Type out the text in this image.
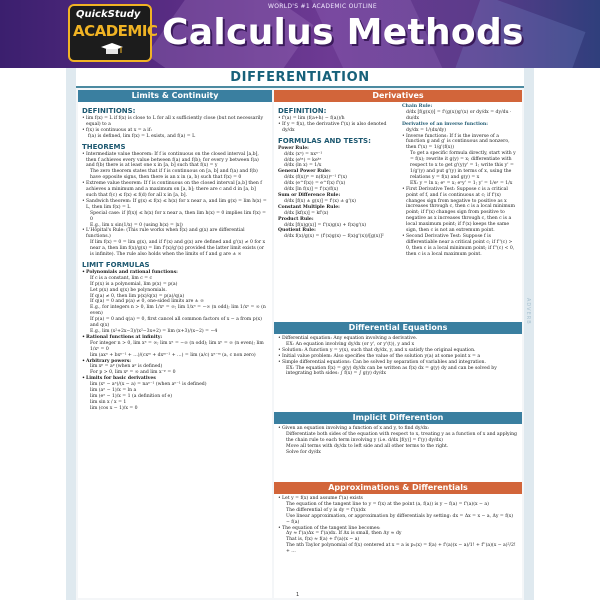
WORLD'S #1 ACADEMIC OUTLINE
QuickStudy
ACADEMIC Calculus Methods
ADVERB
DIFFERENTIATION
Limits & Continuity
DEFINITIONS:
• lim f(x) = L if f(x) is close to L for all x sufficiently close (but not necessarily equal) to a
• f(x) is continuous at x = a if:
f(a) is defined, lim f(x) = L exists, and f(a) = L
THEOREMS
• Intermediate value theorem: If f is continuous on the closed interval [a,b], then f achieves every value between f(a) and f(b); for every y between f(a) and f(b) there is at least one x in [a, b] such that f(x) = y
The zero theorem states that if f is continuous on [a, b] and f(a) and f(b) have opposite signs, then there is an x in (a, b) such that f(x) = 0
• Extreme value theorem: If f is continuous on the closed interval [a,b] then f achieves a minimum and a maximum on [a, b]; there are c and d in [a, b] such that f(c) ≤ f(x) ≤ f(d) for all x in [a, b].
• Sandwich theorem: If g(x) ≤ f(x) ≤ h(x) for x near a, and lim g(x) = lim h(x) = L, then lim f(x) = L
Special case: if |f(x)| ≤ h(x) for x near a, then lim h(x) = 0 implies lim f(x) = 0
E.g., lim x sin(1/x) = 0 (using h(x) = |x|)
• L'Hôpital's Rule: (This rule works when f(x) and g(x) are differential functions.)
If lim f(x) = 0 = lim g(x), and if f'(x) and g(x) are defined and g'(x) ≠ 0 for x near a, then lim f(x)/g(x) = lim f'(x)/g'(x) provided the latter limit exists (or is infinite). The rule also holds when the limits of f and g are ± ∞
LIMIT FORMULAS
• Polynomials and rational functions:
If c is a constant, lim c = c
If p(x) is a polynomial, lim p(x) = p(a)
Let p(x) and q(x) be polynomials.
If q(a) ≠ 0, then lim p(x)/q(x) = p(a)/q(a)
If q(a) = 0 and p(a) ≠ 0, one-sided limits are ± ∞
E.g., for integers n > 0, lim 1/xⁿ = ∞; lim 1/xⁿ = −∞ (n odd); lim 1/xⁿ = ∞ (n even)
If p(a) = 0 and q(a) = 0, first cancel all common factors of x − a from p(x) and q(x)
E.g., lim (x²+2x−3)/(x²−3x+2) = lim (x+3)/(x−2) = −4
• Rational functions at infinity:
For integer n > 0, lim xⁿ = ∞; lim xⁿ = −∞ (n odd); lim xⁿ = ∞ (n even); lim 1/xⁿ = 0
lim (axⁿ + bxⁿ⁻¹ + …)/(cxᵐ + dxᵐ⁻¹ + …) = lim (a/c) xⁿ⁻ᵐ (a, c non zero)
• Arbitrary powers:
lim xᵖ = aᵖ (when aᵖ is defined)
For p > 0, lim xᵖ = ∞ and lim x⁻ᵖ = 0
• Limits for basic derivatives
lim (xⁿ − aⁿ)/(x − a) = naⁿ⁻¹ (when aⁿ⁻¹ is defined)
lim (aˣ − 1)/x = ln a
lim (eˣ − 1)/x = 1 (a definition of e)
lim sin x / x = 1
lim (cos x − 1)/x = 0
Derivatives
DEFINITION:
• f'(a) = lim (f(a+h) − f(a))/h
• If y = f(x), the derivative f'(x) is also denoted dy/dx
FORMULAS AND TESTS:
Power Rule:
d/dx (xⁿ) = nxⁿ⁻¹
d/dx (eᵏˣ) = keᵏˣ
d/dx (ln x) = 1/x
General Power Rule:
d/dx (f(x))ⁿ = n(f(x))ⁿ⁻¹ f'(x)
d/dx (e^f(x)) = e^f(x) f'(x)
d/dx [ln f(x)] = f'(x)/f(x)
Sum or Difference Rule:
d/dx [f(x) ± g(x)] = f'(x) ± g'(x)
Constant Multiple Rule:
d/dx [kf(x)] = kf'(x)
Product Rule:
d/dx [f(x)g(x)] = f'(x)g(x) + f(x)g'(x)
Quotient Rule:
d/dx f(x)/g(x) = (f'(x)g(x) − f(x)g'(x))/[g(x)]²
Chain Rule:
d/dx [f(g(x))] = f'(g(x))g'(x) or dy/dx = dy/du · du/dx
Derivative of an inverse function:
dy/dx = 1/(dx/dy)
• Inverse functions: If f is the inverse of a function g and g' is continuous and nonzero, then f'(x) = 1/g'(f(x))
To get a specific formula directly, start with y = f(x); rewrite it g(y) = x; differentiate with respect to x to get g'(y)y' = 1; write this y' = 1/g'(y) and put g'(y) in terms of x, using the relations y = f(x) and g(y) = x
EX: y = ln x; eʸ = x; eʸy' = 1; y' = 1/eʸ = 1/x
• First Derivative Test: Suppose c is a critical point of f, and f is continuous at c; if f'(x) changes sign from negative to positive as x increases through c, then c is a local minimum point; if f'(x) changes sign from positive to negative as x increases through c, then c is a local maximum point; if f'(x) keeps the same sign, then c is not an extremum point.
• Second Derivative Test: Suppose f is differentiable near a critical point c; if f''(c) > 0, then c is a local minimum point; if f''(c) < 0, then c is a local maximum point.
Differential Equations
• Differential equation: Any equation involving a derivative.
EX: An equation involving dy/dx (or y', or y'(t)), y and x
• Solution: A function y = y(x), such that dy/dx, y, and x satisfy the original equation.
• Initial value problem: Also specifies the value of the solution y(a) at some point x = a
• Simple differential equations: Can be solved by separation of variables and integration.
EX: The equation f(x) = g(y) dy/dx can be written as f(x) dx = g(y) dy and can be solved by integrating both sides: ∫ f(x) = ∫ g(y) dy/dx
Implicit Differention
• Given an equation involving a function of x and y, to find dy/dx:
Differentiate both sides of the equation with respect to x, treating y as a function of x and applying the chain rule to each term involving y (i.e. d/dx [f(y)] = f'(y) dy/dx)
Move all terms with dy/dx to left side and all other terms to the right.
Solve for dy/dx
Approximations & Differentials
• Let y = f(x) and assume f'(a) exists
The equation of the tangent line to y = f(x) at the point (a, f(a)) is y − f(a) = f'(a)(x − a)
The differential of y is dy = f'(x)dx
Use linear approximation, or approximation by differentials by setting: dx = Δx = x − a, Δy = f(x) − f(a)
• The equation of the tangent line becomes:
Δy ≈ f'(a)Δx = f'(a)dx. If Δx is small, then Δy ≈ dy
That is, f(x) ≈ f(a) + f'(a)(x − a)
The nth Taylor polynomial of f(x) centered at x = a is pₙ(x) = f(a) + f'(a)(x − a)/1! + f''(a)(x − a)²/2! + …
1
